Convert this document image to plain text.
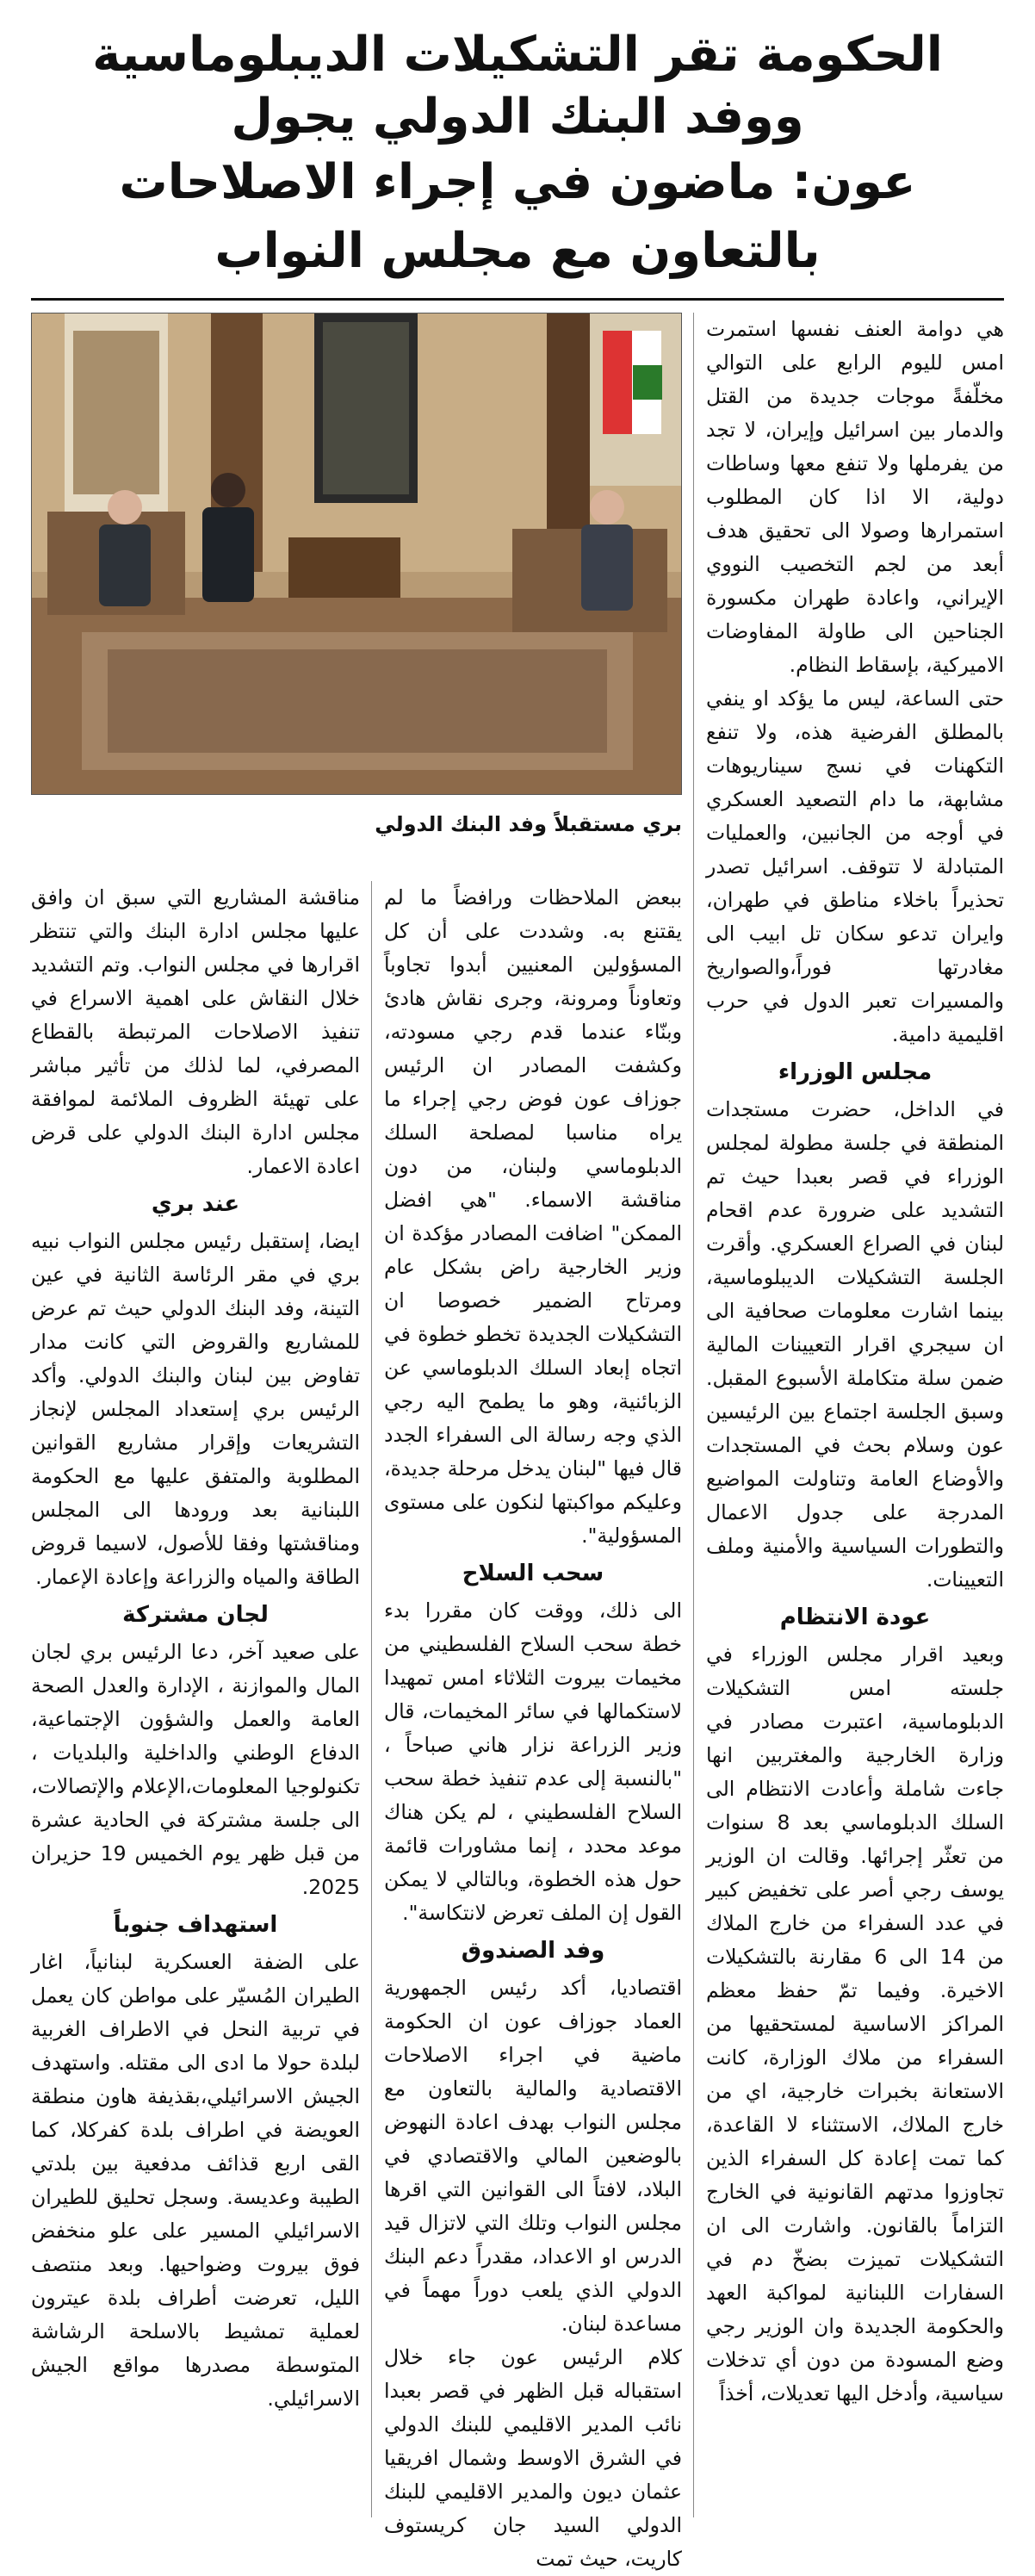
الحكومة تقر التشكيلات الديبلوماسية ووفد البنك الدولي يجول
عون: ماضون في إجراء الاصلاحات بالتعاون مع مجلس النواب

هي دوامة العنف نفسها استمرت امس لليوم الرابع على التوالي مخلّفةً موجات جديدة من القتل والدمار بين اسرائيل وإيران، لا تجد من يفرملها ولا تنفع معها وساطات دولية، الا اذا كان المطلوب استمرارها وصولا الى تحقيق هدف أبعد من لجم التخصيب النووي الإيراني، واعادة طهران مكسورة الجناحين الى طاولة المفاوضات الاميركية، بإسقاط النظام.

حتى الساعة، ليس ما يؤكد او ينفي بالمطلق الفرضية هذه، ولا تنفع التكهنات في نسج سيناريوهات مشابهة، ما دام التصعيد العسكري في أوجه من الجانبين، والعمليات المتبادلة لا تتوقف. اسرائيل تصدر تحذيراً باخلاء مناطق في طهران، وايران تدعو سكان تل ابيب الى مغادرتها فوراً،والصواريخ والمسيرات تعبر الدول في حرب اقليمية دامية.

مجلس الوزراء

في الداخل، حضرت مستجدات المنطقة في جلسة مطولة لمجلس الوزراء في قصر بعبدا حيث تم التشديد على ضرورة عدم اقحام لبنان في الصراع العسكري. وأقرت الجلسة التشكيلات الديبلوماسية، بينما اشارت معلومات صحافية الى ان سيجري اقرار التعيينات المالية ضمن سلة متكاملة الأسبوع المقبل. وسبق الجلسة اجتماع بين الرئيسين عون وسلام بحث في المستجدات والأوضاع العامة وتناولت المواضيع المدرجة على جدول الاعمال والتطورات السياسية والأمنية وملف التعيينات.

عودة الانتظام

وبعيد اقرار مجلس الوزراء في جلسته امس التشكيلات الدبلوماسية، اعتبرت مصادر في وزارة الخارجية والمغتربين انها جاءت شاملة وأعادت الانتظام الى السلك الدبلوماسي بعد 8 سنوات من تعثّر إجرائها. وقالت ان الوزير يوسف رجي أصر على تخفيض كبير في عدد السفراء من خارج الملاك من 14 الى 6 مقارنة بالتشكيلات الاخيرة. وفيما تمّ حفظ معظم المراكز الاساسية لمستحقيها من السفراء من ملاك الوزارة، كانت الاستعانة بخبرات خارجية، اي من خارج الملاك، الاستثناء لا القاعدة، كما تمت إعادة كل السفراء الذين تجاوزوا مدتهم القانونية في الخارج التزاماً بالقانون. واشارت الى ان التشكيلات تميزت بضخّ دم في السفارات اللبنانية لمواكبة العهد والحكومة الجديدة وان الوزير رجي وضع المسودة من دون أي تدخلات سياسية، وأدخل اليها تعديلات، أخذاً

بري مستقبلاً وفد البنك الدولي

ببعض الملاحظات ورافضاً ما لم يقتنع به. وشددت على أن كل المسؤولين المعنيين أبدوا تجاوباً وتعاوناً ومرونة، وجرى نقاش هادئ وبنّاء عندما قدم رجي مسودته، وكشفت المصادر ان الرئيس جوزاف عون فوض رجي إجراء ما يراه مناسبا لمصلحة السلك الدبلوماسي ولبنان، من دون مناقشة الاسماء. "هي افضل الممكن" اضافت المصادر مؤكدة ان وزير الخارجية راض بشكل عام ومرتاح الضمير خصوصا ان التشكيلات الجديدة تخطو خطوة في اتجاه إبعاد السلك الدبلوماسي عن الزبائنية، وهو ما يطمح اليه رجي الذي وجه رسالة الى السفراء الجدد قال فيها "لبنان يدخل مرحلة جديدة، وعليكم مواكبتها لنكون على مستوى المسؤولية".

سحب السلاح

الى ذلك، ووقت كان مقررا بدء خطة سحب السلاح الفلسطيني من مخيمات بيروت الثلاثاء امس تمهيدا لاستكمالها في سائر المخيمات، قال وزير الزراعة نزار هاني صباحاً ، "بالنسبة إلى عدم تنفيذ خطة سحب السلاح الفلسطيني ، لم يكن هناك موعد محدد ، إنما مشاورات قائمة حول هذه الخطوة، وبالتالي لا يمكن القول إن الملف تعرض لانتكاسة".

وفد الصندوق

اقتصاديا، أكد رئيس الجمهورية العماد جوزاف عون ان الحكومة ماضية في اجراء الاصلاحات الاقتصادية والمالية بالتعاون مع مجلس النواب بهدف اعادة النهوض بالوضعين المالي والاقتصادي في البلاد، لافتاً الى القوانين التي اقرها مجلس النواب وتلك التي لاتزال قيد الدرس او الاعداد، مقدراً دعم البنك الدولي الذي يلعب دوراً مهماً في مساعدة لبنان.

كلام الرئيس عون جاء خلال استقباله قبل الظهر في قصر بعبدا نائب المدير الاقليمي للبنك الدولي في الشرق الاوسط وشمال افريقيا عثمان ديون والمدير الاقليمي للبنك الدولي السيد جان كريستوف كاريت، حيث تمت

مناقشة المشاريع التي سبق ان وافق عليها مجلس ادارة البنك والتي تنتظر اقرارها في مجلس النواب. وتم التشديد خلال النقاش على اهمية الاسراع في تنفيذ الاصلاحات المرتبطة بالقطاع المصرفي، لما لذلك من تأثير مباشر على تهيئة الظروف الملائمة لموافقة مجلس ادارة البنك الدولي على قرض اعادة الاعمار.

عند بري

ايضا، إستقبل رئيس مجلس النواب نبيه بري في مقر الرئاسة الثانية في عين التينة، وفد البنك الدولي حيث تم عرض للمشاريع والقروض التي كانت مدار تفاوض بين لبنان والبنك الدولي. وأكد الرئيس بري إستعداد المجلس لإنجاز التشريعات وإقرار مشاريع القوانين المطلوبة والمتفق عليها مع الحكومة اللبنانية بعد ورودها الى المجلس ومناقشتها وفقا للأصول، لاسيما قروض الطاقة والمياه والزراعة وإعادة الإعمار.

لجان مشتركة

على صعيد آخر، دعا الرئيس بري لجان المال والموازنة ، الإدارة والعدل الصحة العامة والعمل والشؤون الإجتماعية، الدفاع الوطني والداخلية والبلديات ، تكنولوجيا المعلومات،الإعلام والإتصالات، الى جلسة مشتركة في الحادية عشرة من قبل ظهر يوم الخميس 19 حزيران 2025.

استهداف جنوباً

على الضفة العسكرية لبنانياً، اغار الطيران المُسيّر على مواطن كان يعمل في تربية النحل في الاطراف الغربية لبلدة حولا ما ادى الى مقتله. واستهدف الجيش الاسرائيلي،بقذيفة هاون منطقة العويضة في اطراف بلدة كفركلا، كما القى اربع قذائف مدفعية بين بلدتي الطيبة وعديسة. وسجل تحليق للطيران الاسرائيلي المسير على علو منخفض فوق بيروت وضواحيها. وبعد منتصف الليل، تعرضت أطراف بلدة عيترون لعملية تمشيط بالاسلحة الرشاشة المتوسطة مصدرها مواقع الجيش الاسرائيلي.
